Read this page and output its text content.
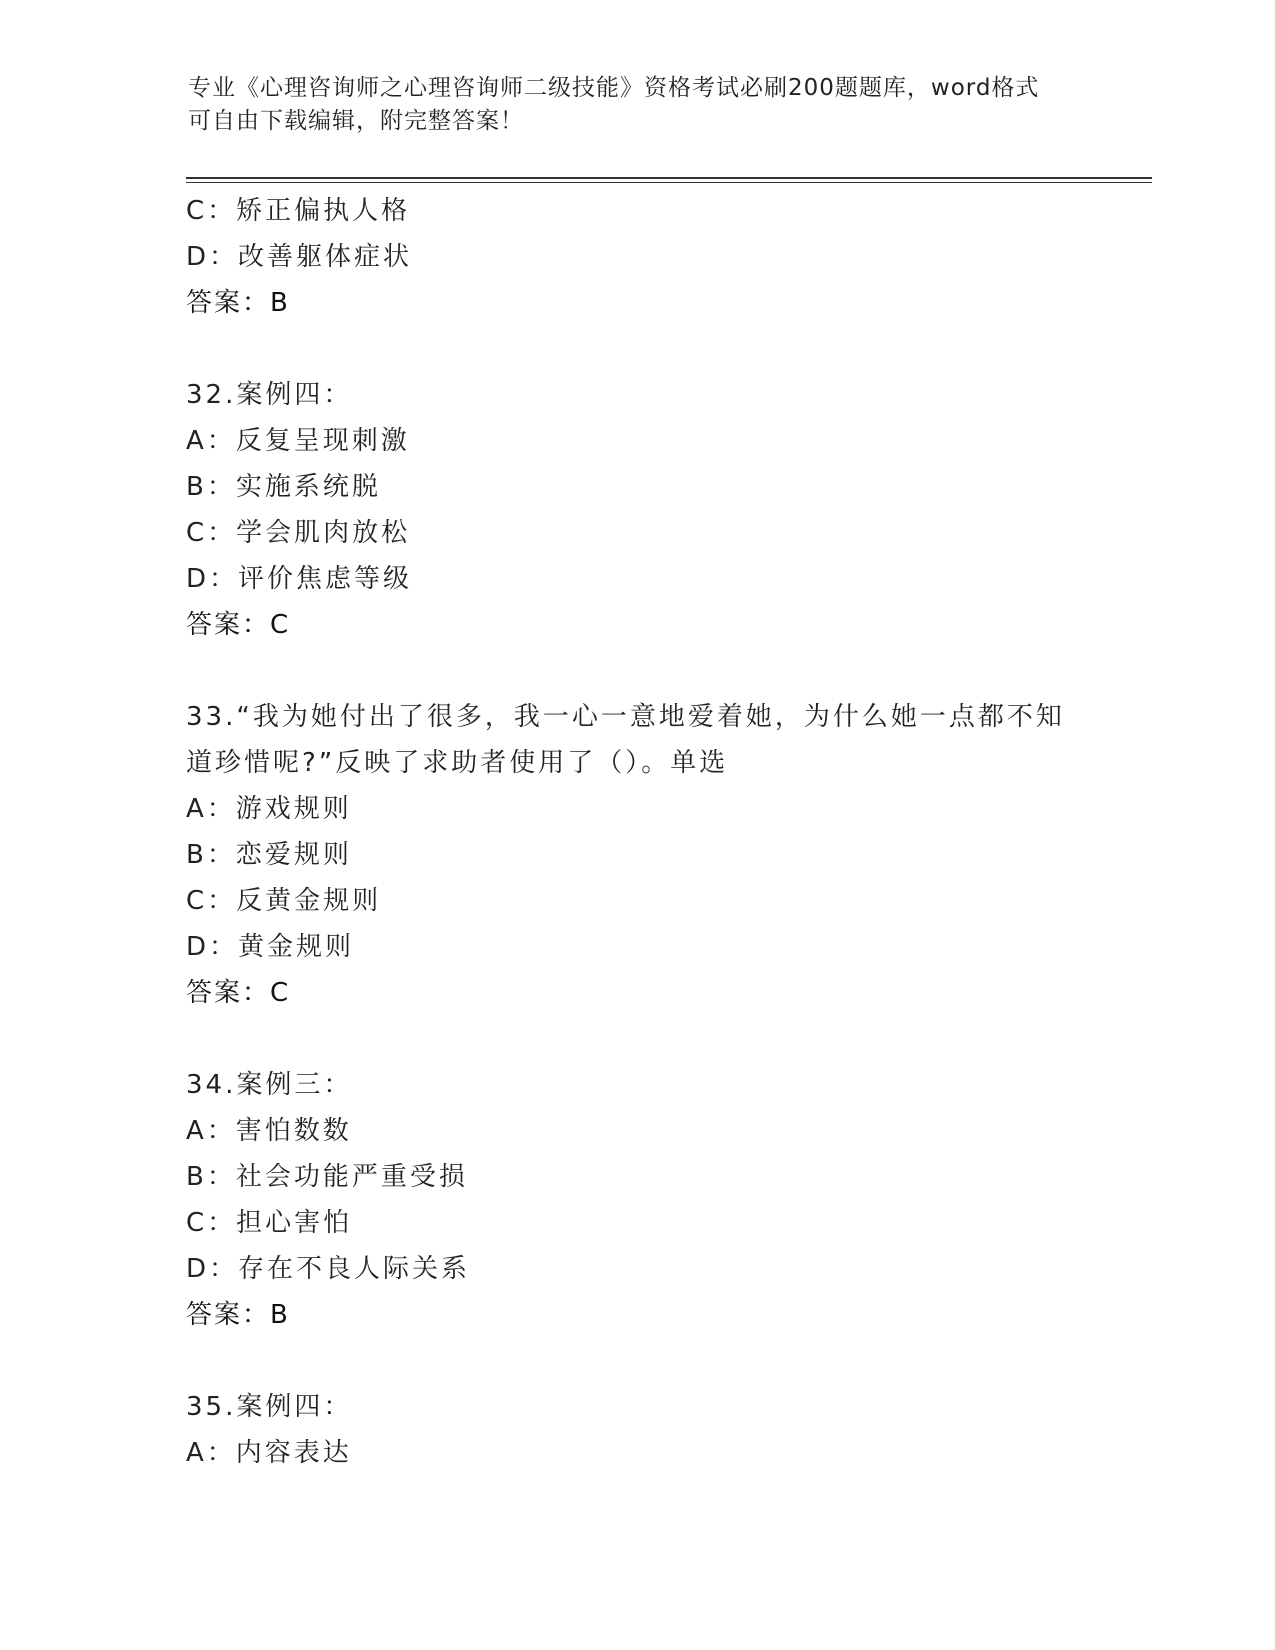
专业《心理咨询师之心理咨询师二级技能》资格考试必刷200题题库，word格式
可自由下载编辑，附完整答案！
C：矫正偏执人格
D：改善躯体症状
答案：B
32.案例四：
A：反复呈现刺激
B：实施系统脱
C：学会肌肉放松
D：评价焦虑等级
答案：C
33.“我为她付出了很多，我一心一意地爱着她，为什么她一点都不知
道珍惜呢?”反映了求助者使用了（）。单选
A：游戏规则
B：恋爱规则
C：反黄金规则
D：黄金规则
答案：C
34.案例三：
A：害怕数数
B：社会功能严重受损
C：担心害怕
D：存在不良人际关系
答案：B
35.案例四：
A：内容表达
